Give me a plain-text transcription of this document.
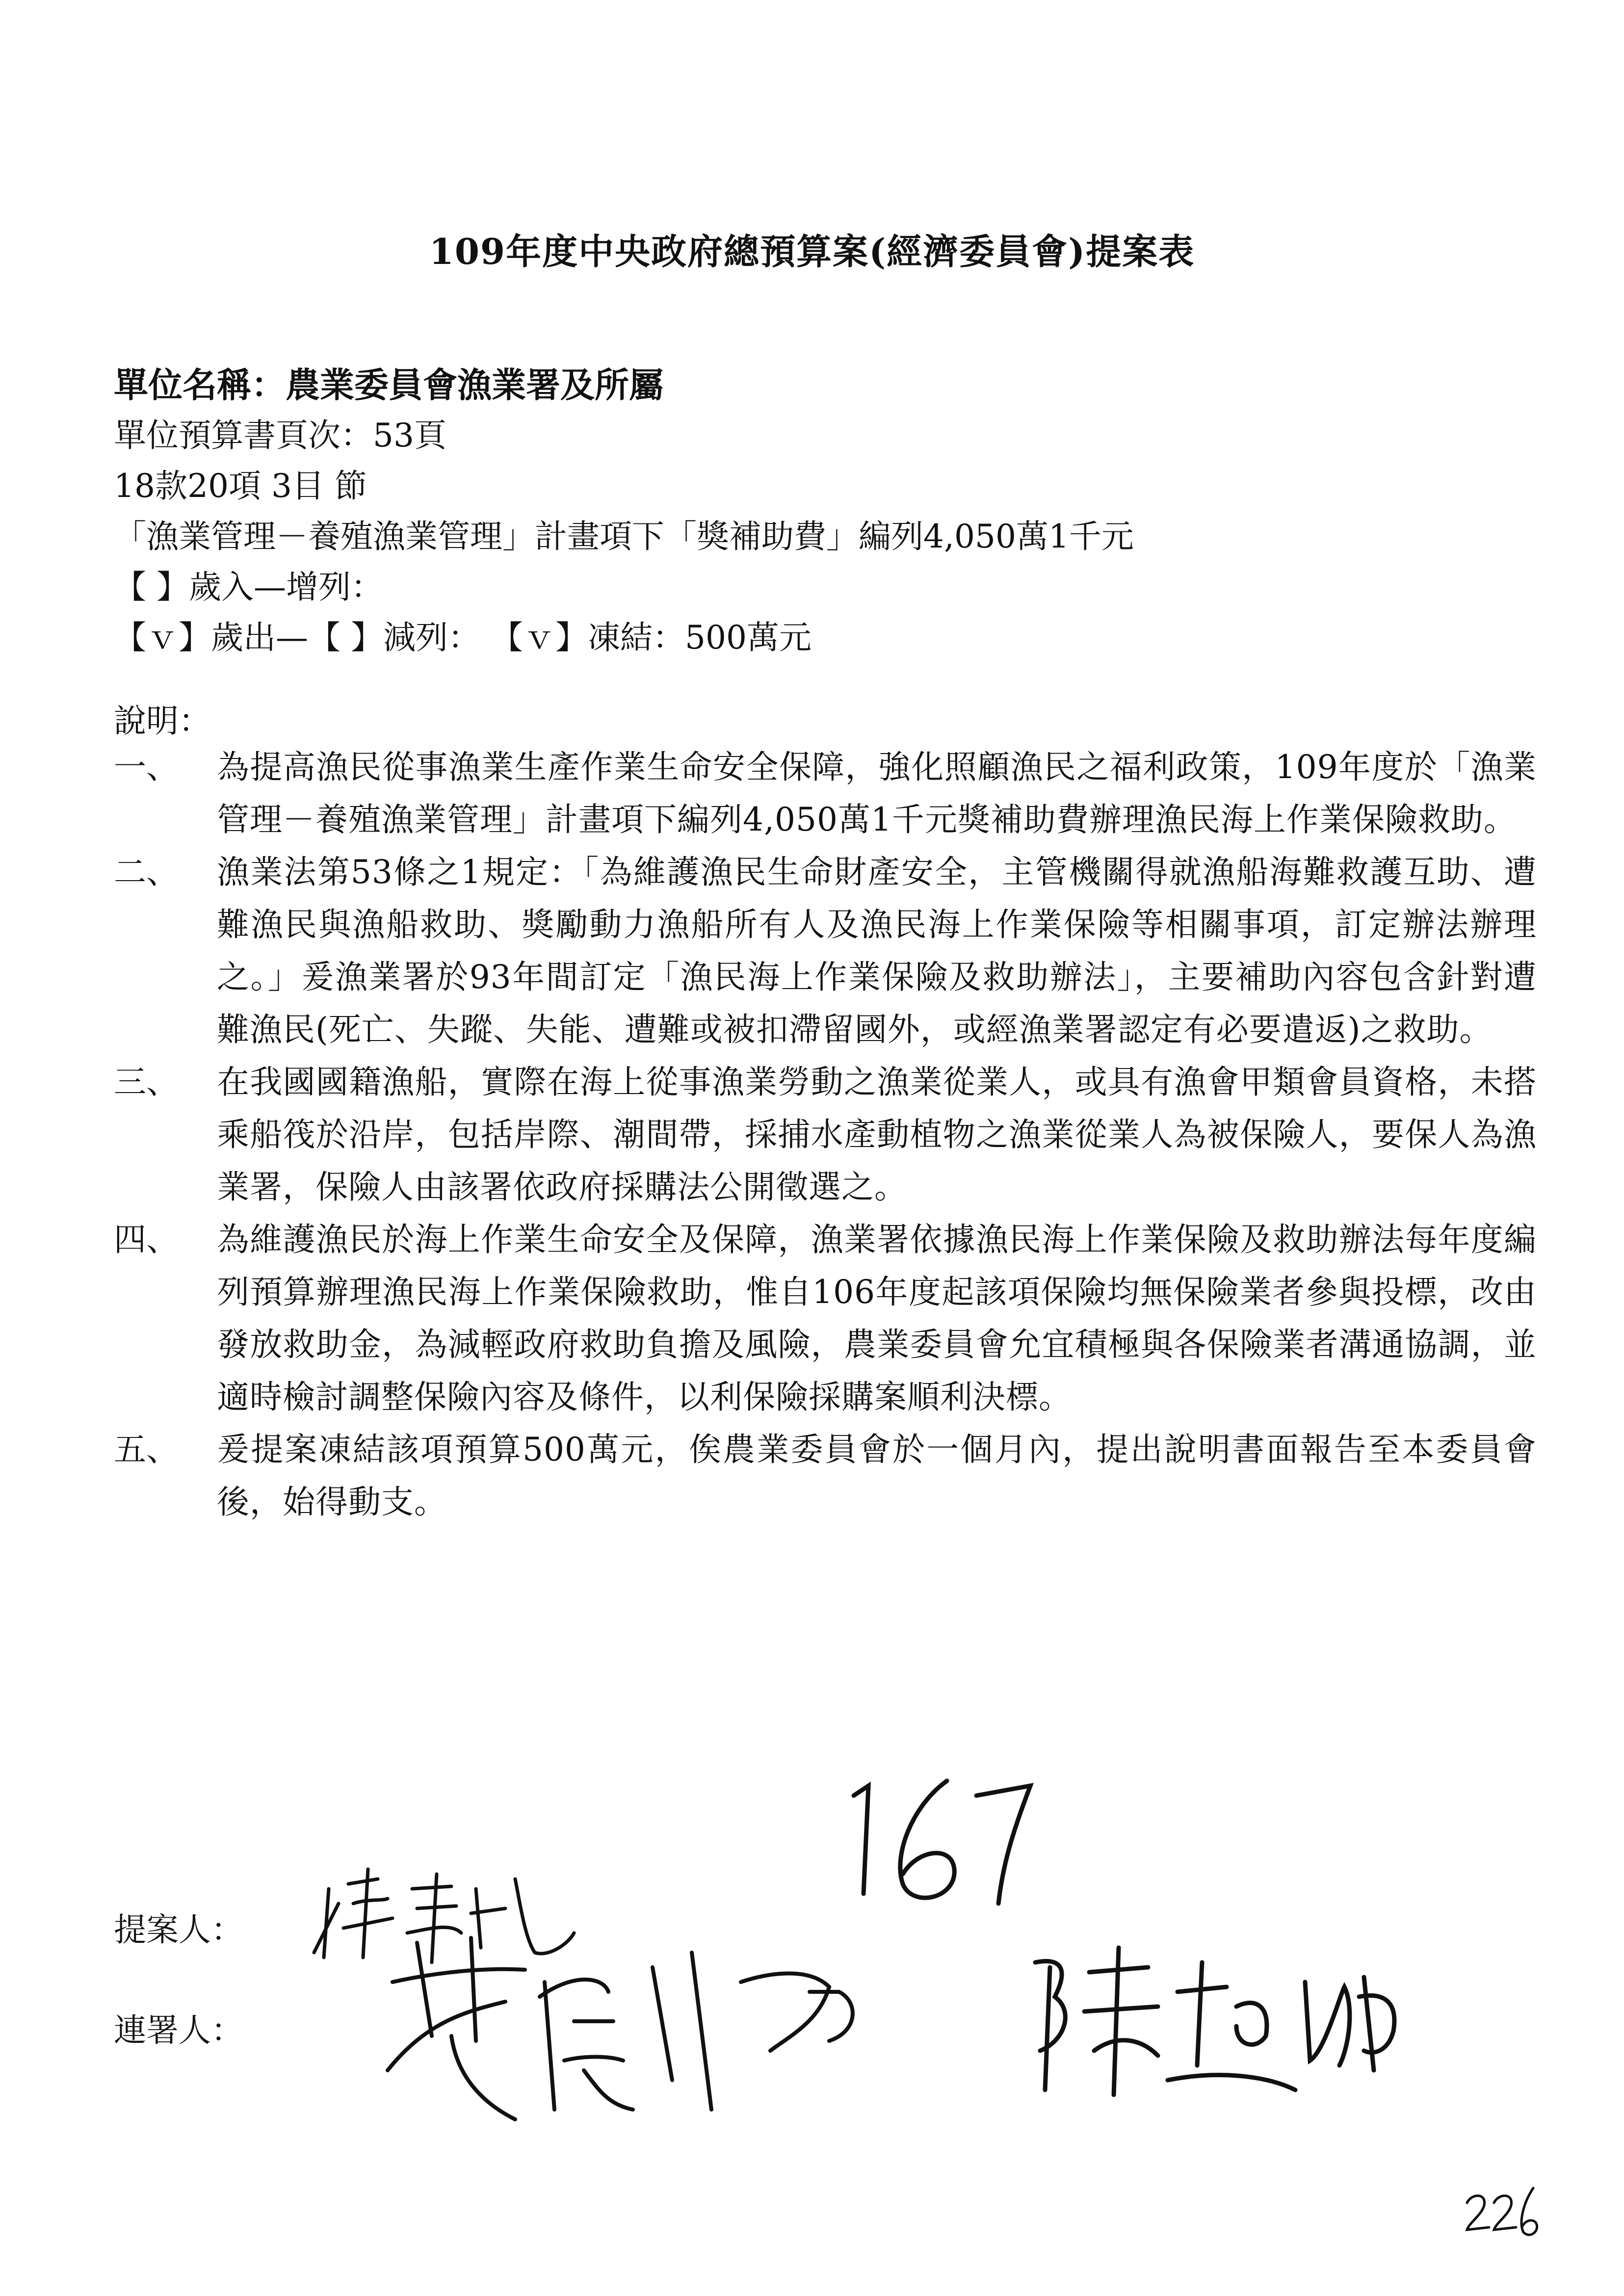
109年度中央政府總預算案(經濟委員會)提案表
單位名稱：農業委員會漁業署及所屬
單位預算書頁次：53頁
18款20項 3目 節
「漁業管理－養殖漁業管理」計畫項下「獎補助費」編列4,050萬1千元
【 】歲入—增列：
【ｖ】歲出—【 】減列： 【ｖ】凍結：500萬元
說明：
一、	為提高漁民從事漁業生產作業生命安全保障，強化照顧漁民之福利政策，109年度於「漁業管理－養殖漁業管理」計畫項下編列4,050萬1千元獎補助費辦理漁民海上作業保險救助。
二、	漁業法第53條之1規定：「為維護漁民生命財產安全，主管機關得就漁船海難救護互助、遭難漁民與漁船救助、獎勵動力漁船所有人及漁民海上作業保險等相關事項，訂定辦法辦理之。」爰漁業署於93年間訂定「漁民海上作業保險及救助辦法」，主要補助內容包含針對遭難漁民(死亡、失蹤、失能、遭難或被扣滯留國外，或經漁業署認定有必要遣返)之救助。
三、	在我國國籍漁船，實際在海上從事漁業勞動之漁業從業人，或具有漁會甲類會員資格，未搭乘船筏於沿岸，包括岸際、潮間帶，採捕水產動植物之漁業從業人為被保險人，要保人為漁業署，保險人由該署依政府採購法公開徵選之。
四、	為維護漁民於海上作業生命安全及保障，漁業署依據漁民海上作業保險及救助辦法每年度編列預算辦理漁民海上作業保險救助，惟自106年度起該項保險均無保險業者參與投標，改由發放救助金，為減輕政府救助負擔及風險，農業委員會允宜積極與各保險業者溝通協調，並適時檢討調整保險內容及條件，以利保險採購案順利決標。
五、	爰提案凍結該項預算500萬元，俟農業委員會於一個月內，提出說明書面報告至本委員會後，始得動支。
提案人：
連署人：
